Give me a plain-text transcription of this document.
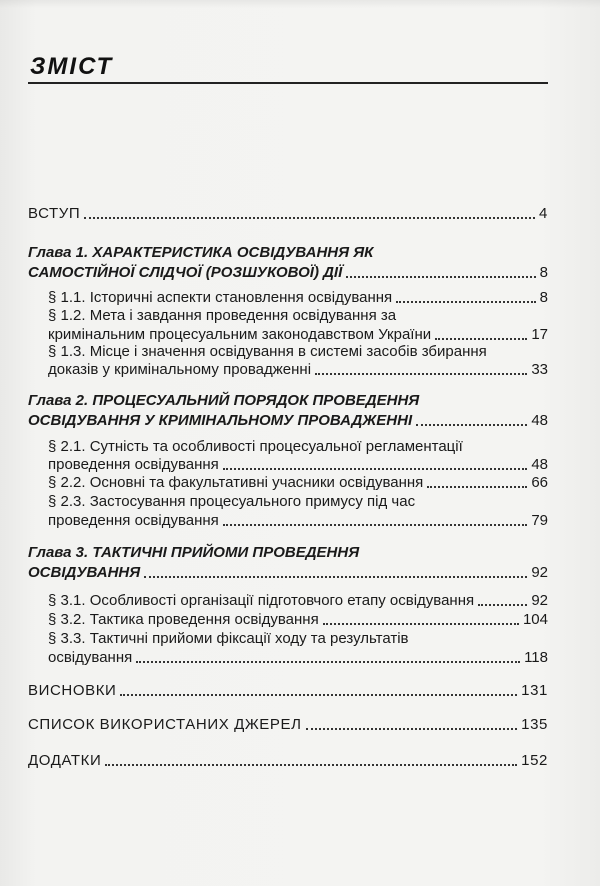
ЗМІСТ
ВСТУП	4
Глава 1. ХАРАКТЕРИСТИКА ОСВІДУВАННЯ ЯК
САМОСТІЙНОЇ СЛІДЧОЇ (РОЗШУКОВОЇ) ДІЇ	8
§ 1.1. Історичні аспекти становлення освідування	8
§ 1.2. Мета і завдання проведення освідування за
кримінальним процесуальним законодавством України	17
§ 1.3. Місце і значення освідування в системі засобів збирання
доказів у кримінальному провадженні	33
Глава 2. ПРОЦЕСУАЛЬНИЙ ПОРЯДОК ПРОВЕДЕННЯ
ОСВІДУВАННЯ У КРИМІНАЛЬНОМУ ПРОВАДЖЕННІ	48
§ 2.1. Сутність та особливості процесуальної регламентації
проведення освідування	48
§ 2.2. Основні та факультативні учасники освідування	66
§ 2.3. Застосування процесуального примусу під час
проведення освідування	79
Глава 3. ТАКТИЧНІ ПРИЙОМИ ПРОВЕДЕННЯ
ОСВІДУВАННЯ	92
§ 3.1. Особливості організації підготовчого етапу освідування	92
§ 3.2. Тактика проведення освідування	104
§ 3.3. Тактичні прийоми фіксації ходу та результатів
освідування	118
ВИСНОВКИ	131
СПИСОК ВИКОРИСТАНИХ ДЖЕРЕЛ	135
ДОДАТКИ	152
